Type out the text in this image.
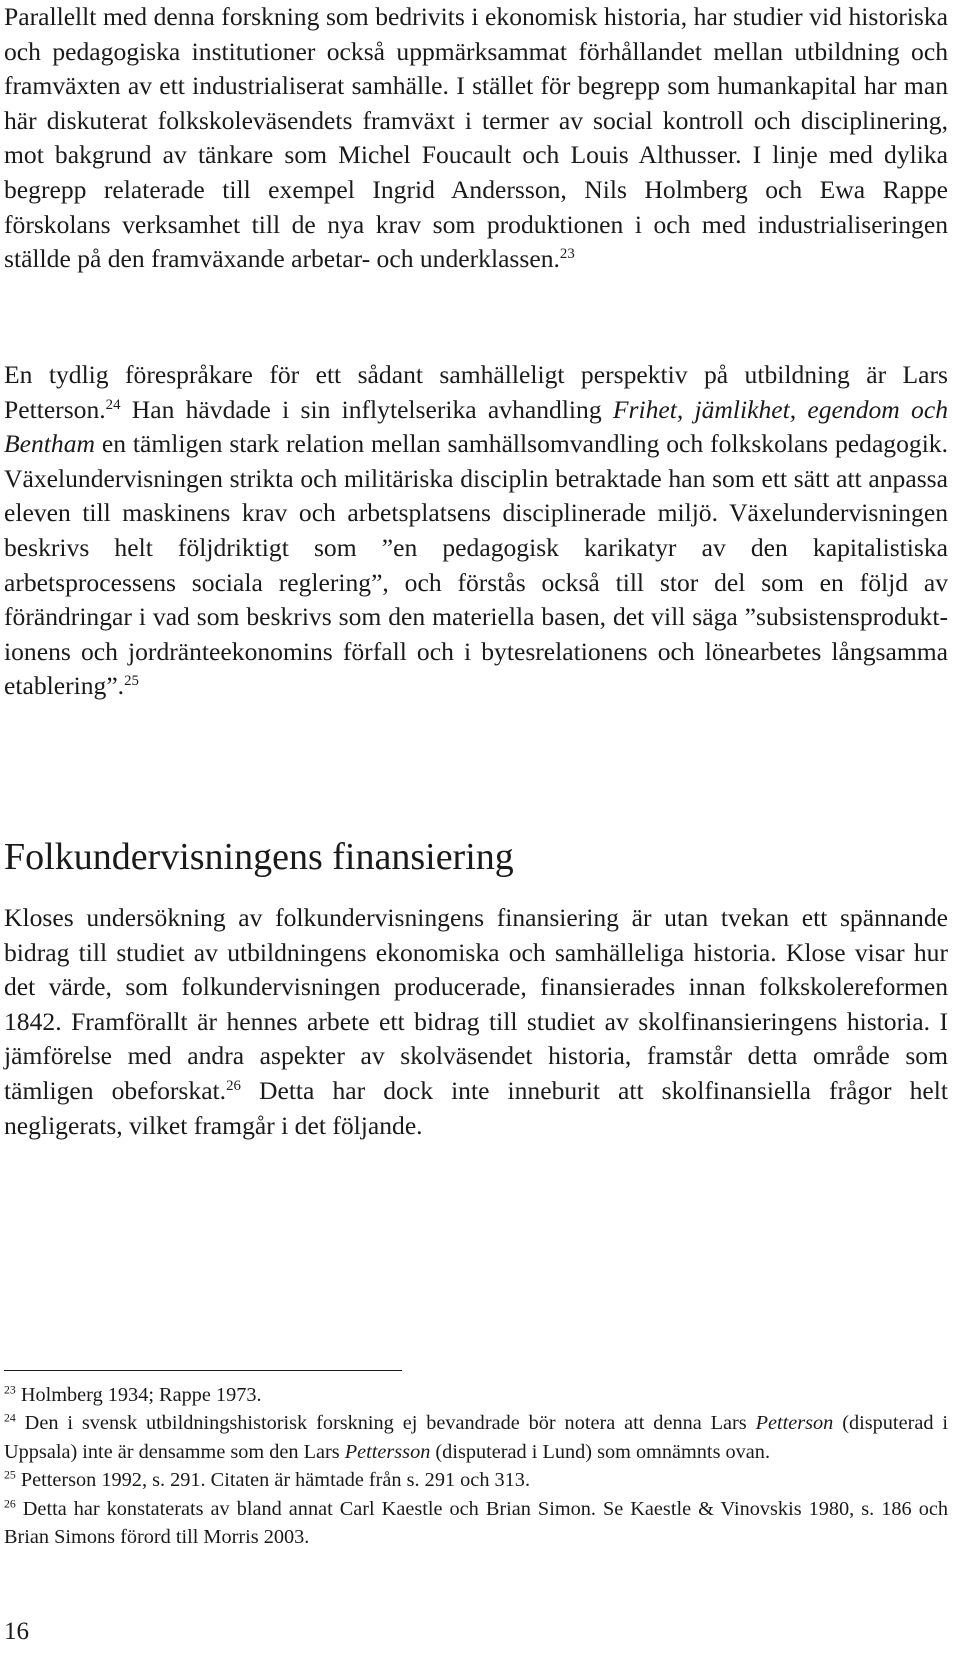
Parallellt med denna forskning som bedrivits i ekonomisk historia, har studier vid historiska och pedagogiska institutioner också uppmärksammat förhållandet mellan utbildning och framväxten av ett industrialiserat samhälle. I stället för begrepp som humankapital har man här diskuterat folkskoleväsendets framväxt i termer av social kontroll och disciplinering, mot bakgrund av tänkare som Michel Foucault och Louis Althusser. I linje med dylika begrepp relaterade till exempel Ingrid Andersson, Nils Holmberg och Ewa Rappe förskolans verksamhet till de nya krav som produktionen i och med industrialiseringen ställde på den framväxande arbetar- och underklassen.$^{23}$

En tydlig förespråkare för ett sådant samhälleligt perspektiv på utbildning är Lars Petterson.$^{24}$ Han hävdade i sin inflytelserika avhandling Frihet, jämlikhet, egendom och Bentham en tämligen stark relation mellan samhällsomvandling och folkskolans pedagogik. Växelundervisningen strikta och militäriska disciplin betraktade han som ett sätt att anpassa eleven till maskinens krav och arbetsplatsens disciplinerade miljö. Växelundervisningen beskrivs helt följdriktigt som ”en pedagogisk karikatyr av den kapitalistiska arbetsprocessens sociala reglering”, och förstås också till stor del som en följd av förändringar i vad som beskrivs som den materiella basen, det vill säga ”subsistensproduktionens och jordränteekonomins förfall och i bytesrelationens och lönearbetes långsamma etablering”.$^{25}$

Folkundervisningens finansiering

Kloses undersökning av folkundervisningens finansiering är utan tvekan ett spännande bidrag till studiet av utbildningens ekonomiska och samhälleliga historia. Klose visar hur det värde, som folkundervisningen producerade, finansierades innan folkskolereformen 1842. Framförallt är hennes arbete ett bidrag till studiet av skolfinansieringens historia. I jämförelse med andra aspekter av skolväsendet historia, framstår detta område som tämligen obeforskat.$^{26}$ Detta har dock inte inneburit att skolfinansiella frågor helt negligerats, vilket framgår i det följande.

$^{23}$ Holmberg 1934; Rappe 1973.

$^{24}$ Den i svensk utbildningshistorisk forskning ej bevandrade bör notera att denna Lars Petterson (disputerad i Uppsala) inte är densamme som den Lars Pettersson (disputerad i Lund) som omnämnts ovan.

$^{25}$ Petterson 1992, s. 291. Citaten är hämtade från s. 291 och 313.

$^{26}$ Detta har konstaterats av bland annat Carl Kaestle och Brian Simon. Se Kaestle & Vinovskis 1980, s. 186 och Brian Simons förord till Morris 2003.

16
